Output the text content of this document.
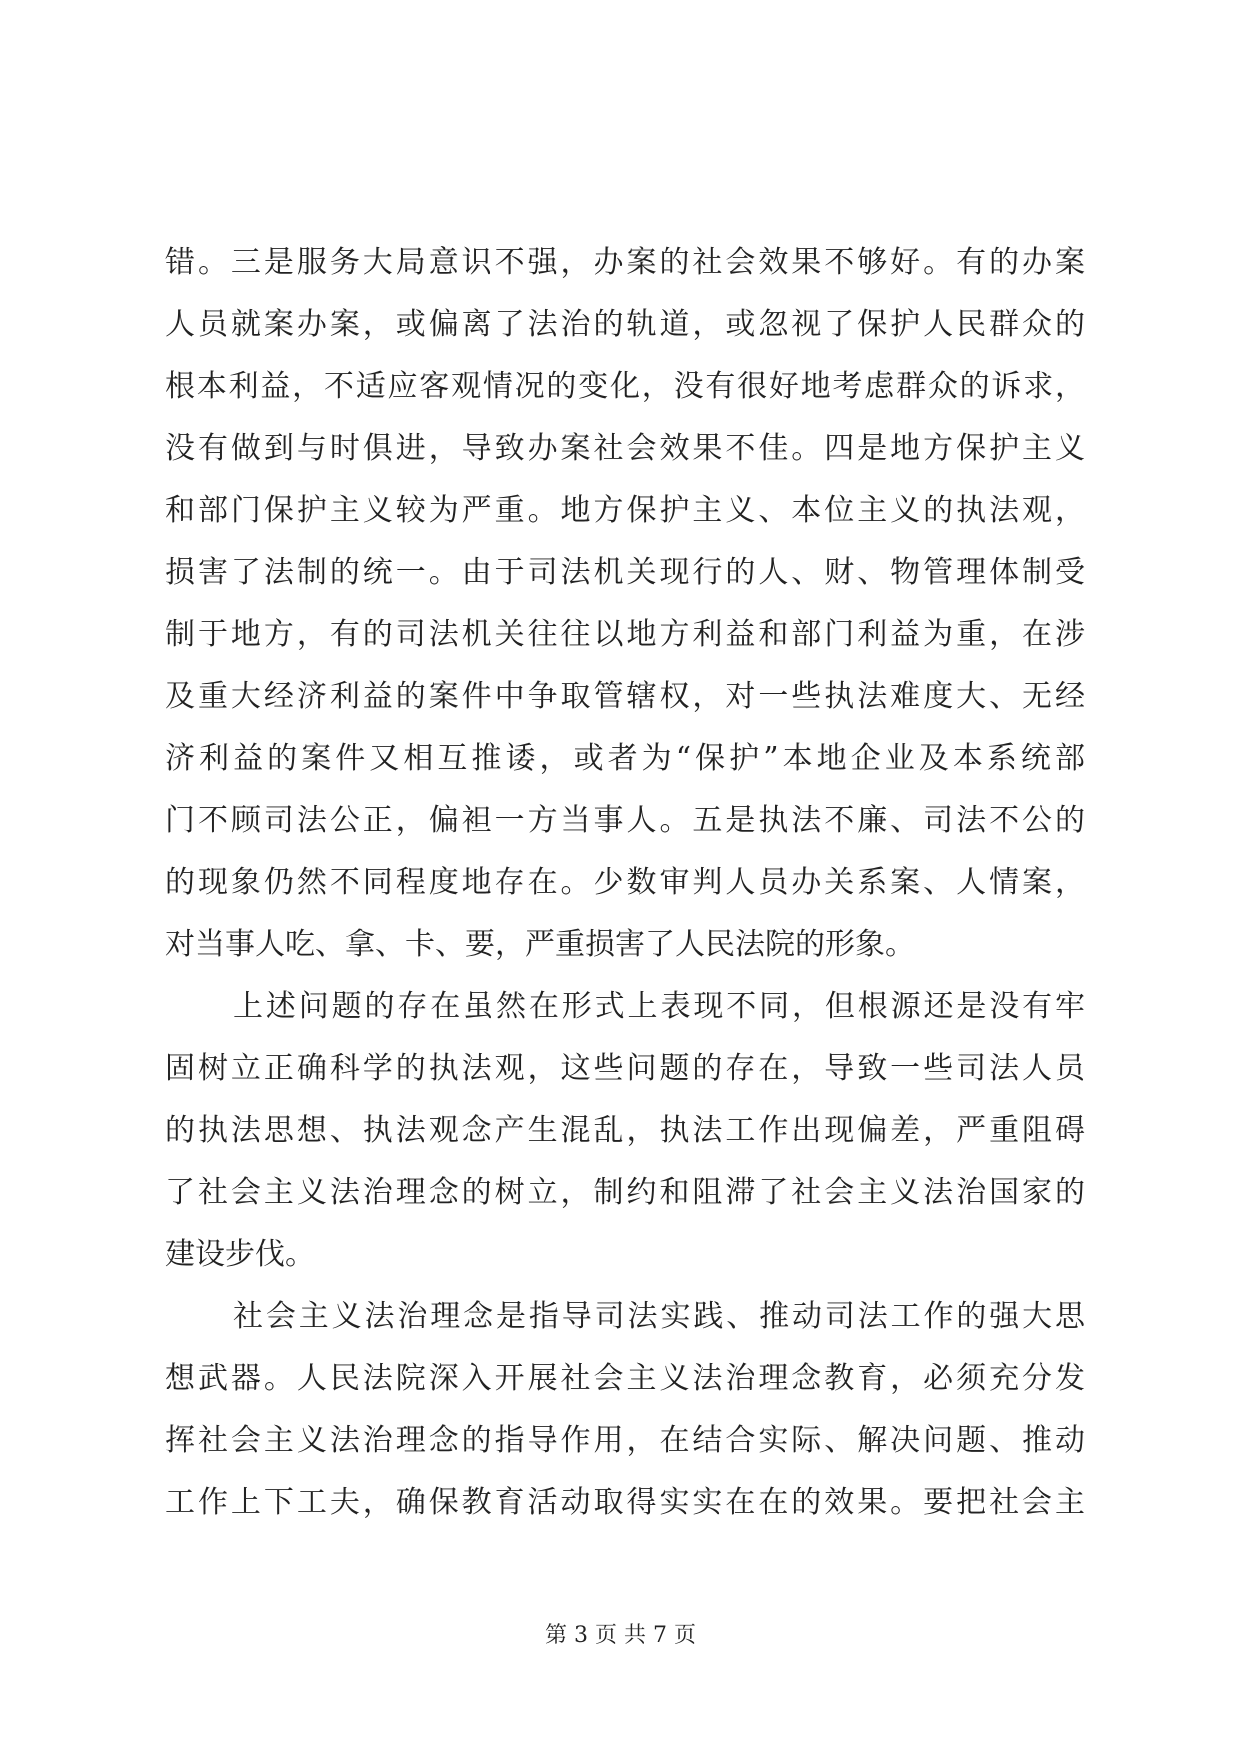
错。三是服务大局意识不强，办案的社会效果不够好。有的办案
人员就案办案，或偏离了法治的轨道，或忽视了保护人民群众的
根本利益，不适应客观情况的变化，没有很好地考虑群众的诉求，
没有做到与时俱进，导致办案社会效果不佳。四是地方保护主义
和部门保护主义较为严重。地方保护主义、本位主义的执法观，
损害了法制的统一。由于司法机关现行的人、财、物管理体制受
制于地方，有的司法机关往往以地方利益和部门利益为重，在涉
及重大经济利益的案件中争取管辖权，对一些执法难度大、无经
济利益的案件又相互推诿，或者为“保护”本地企业及本系统部
门不顾司法公正，偏袒一方当事人。五是执法不廉、司法不公的
的现象仍然不同程度地存在。少数审判人员办关系案、人情案，
对当事人吃、拿、卡、要，严重损害了人民法院的形象。
上述问题的存在虽然在形式上表现不同，但根源还是没有牢
固树立正确科学的执法观，这些问题的存在，导致一些司法人员
的执法思想、执法观念产生混乱，执法工作出现偏差，严重阻碍
了社会主义法治理念的树立，制约和阻滞了社会主义法治国家的
建设步伐。
社会主义法治理念是指导司法实践、推动司法工作的强大思
想武器。人民法院深入开展社会主义法治理念教育，必须充分发
挥社会主义法治理念的指导作用，在结合实际、解决问题、推动
工作上下工夫，确保教育活动取得实实在在的效果。要把社会主
第 3 页 共 7 页
